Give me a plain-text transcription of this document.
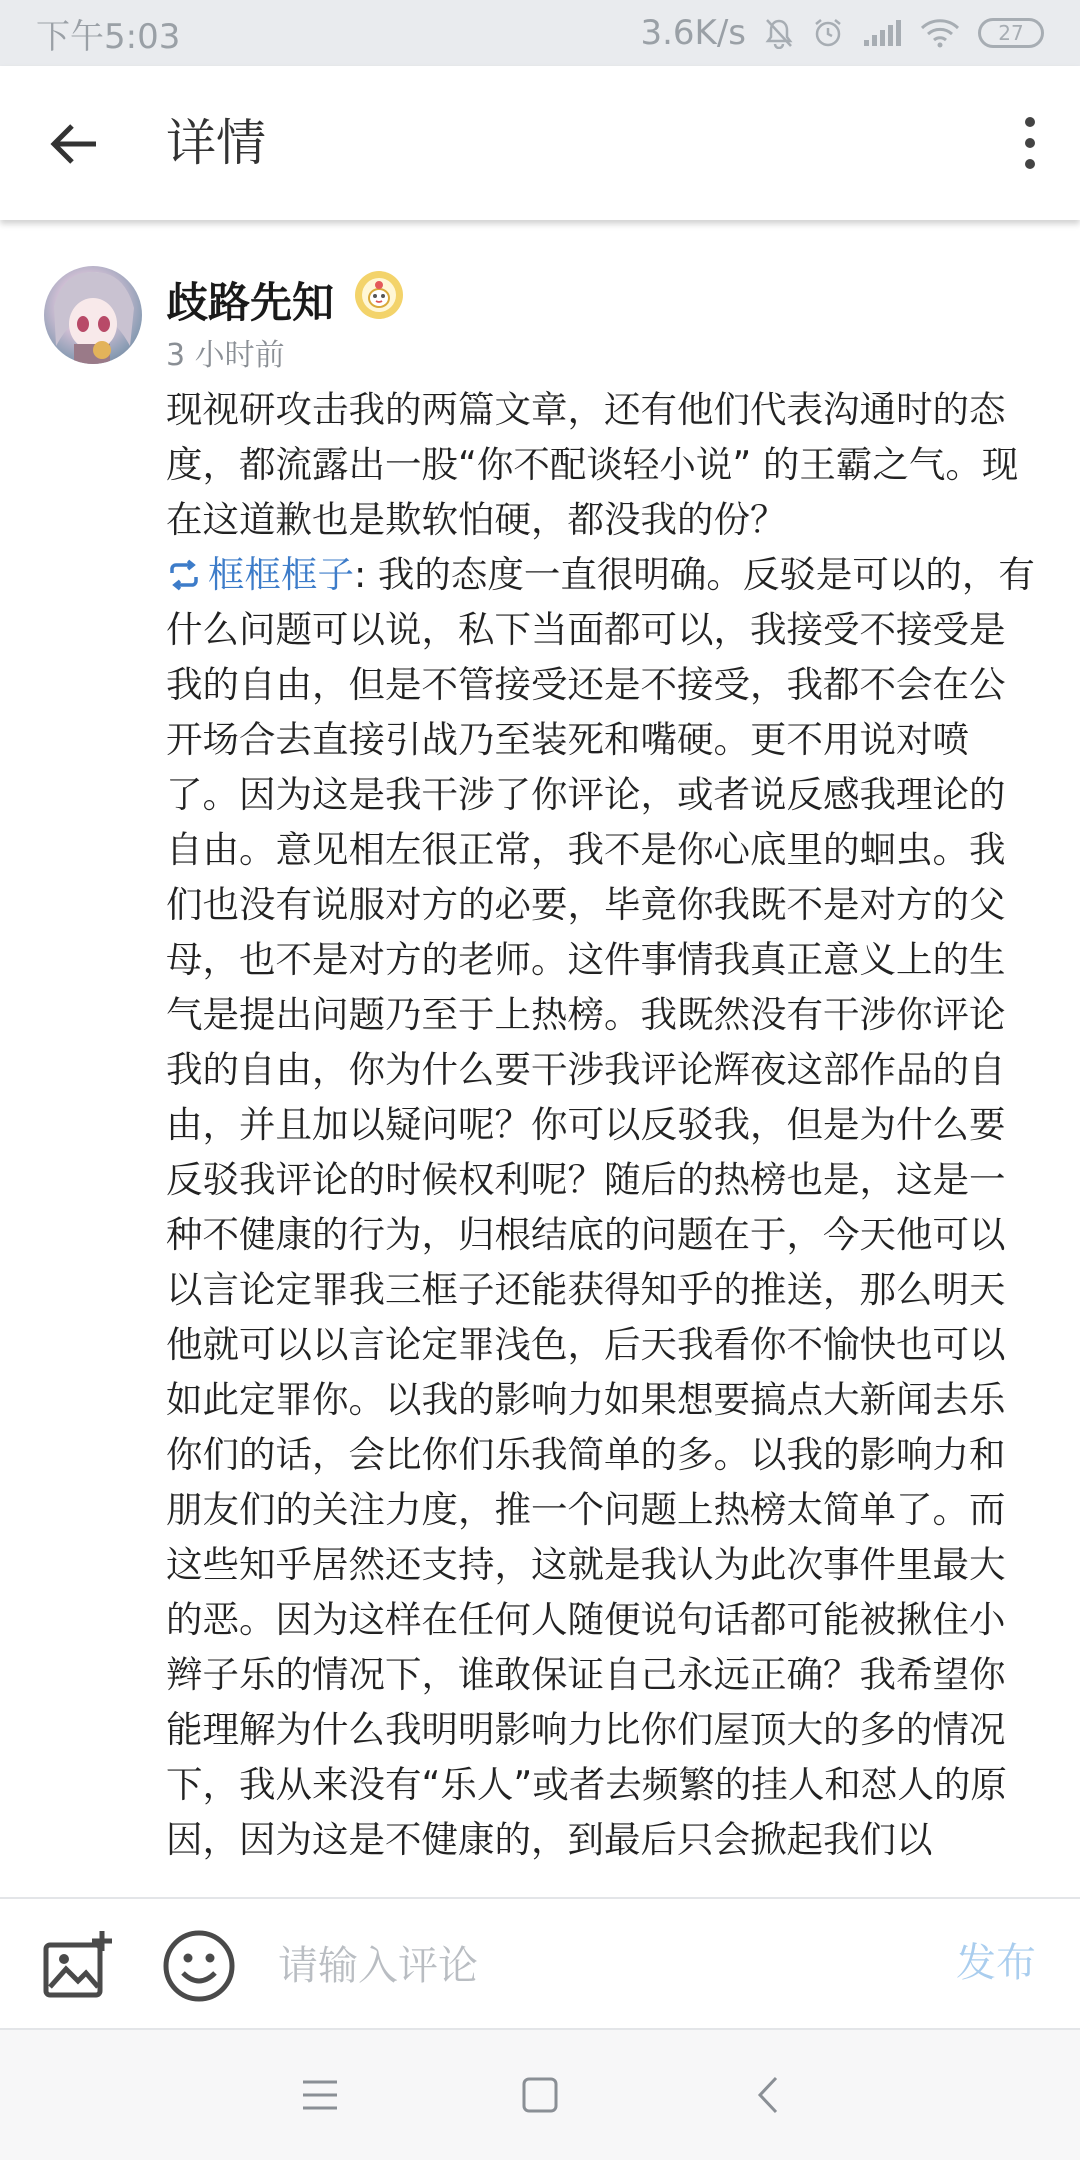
下午5:03	3.6K/s	27
详情
歧路先知
3 小时前
现视研攻击我的两篇文章，还有他们代表沟通时的态度，都流露出一股“你不配谈轻小说” 的王霸之气。现在这道歉也是欺软怕硬，都没我的份？
框框框子: 我的态度一直很明确。反驳是可以的，有什么问题可以说，私下当面都可以，我接受不接受是我的自由，但是不管接受还是不接受，我都不会在公开场合去直接引战乃至装死和嘴硬。更不用说对喷了。因为这是我干涉了你评论，或者说反感我理论的自由。意见相左很正常，我不是你心底里的蛔虫。我们也没有说服对方的必要，毕竟你我既不是对方的父母，也不是对方的老师。这件事情我真正意义上的生气是提出问题乃至于上热榜。我既然没有干涉你评论我的自由，你为什么要干涉我评论辉夜这部作品的自由，并且加以疑问呢？你可以反驳我，但是为什么要反驳我评论的时候权利呢？随后的热榜也是，这是一种不健康的行为，归根结底的问题在于，今天他可以以言论定罪我三框子还能获得知乎的推送，那么明天他就可以以言论定罪浅色，后天我看你不愉快也可以如此定罪你。以我的影响力如果想要搞点大新闻去乐你们的话，会比你们乐我简单的多。以我的影响力和朋友们的关注力度，推一个问题上热榜太简单了。而这些知乎居然还支持，这就是我认为此次事件里最大的恶。因为这样在任何人随便说句话都可能被揪住小辫子乐的情况下，谁敢保证自己永远正确？我希望你能理解为什么我明明影响力比你们屋顶大的多的情况下，我从来没有“乐人”或者去频繁的挂人和怼人的原因，因为这是不健康的，到最后只会掀起我们以
请输入评论
发布
